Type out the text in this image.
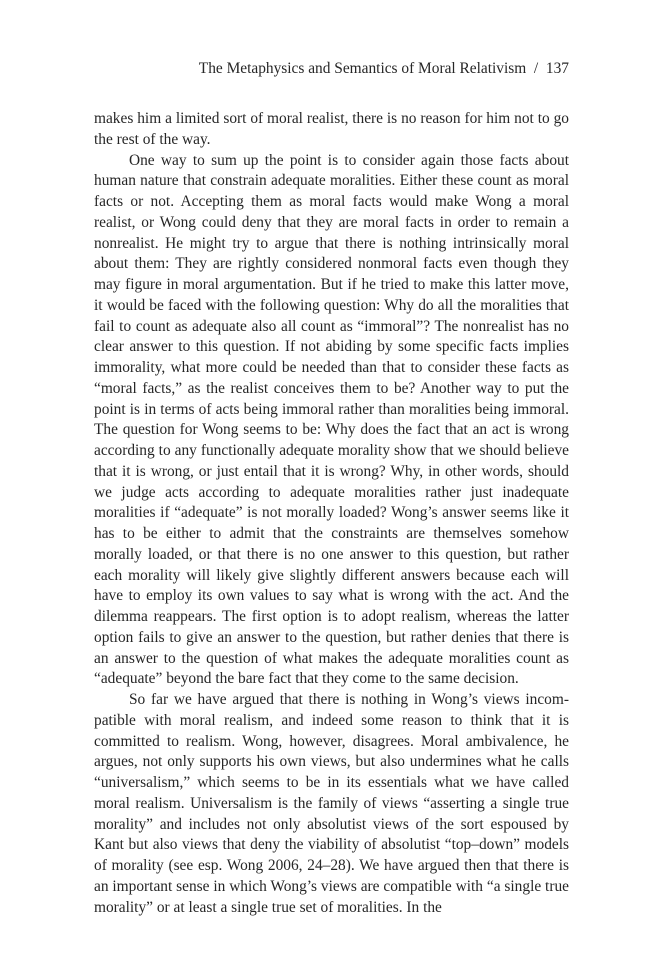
The Metaphysics and Semantics of Moral Relativism / 137

makes him a limited sort of moral realist, there is no reason for him not to go the rest of the way.

One way to sum up the point is to consider again those facts about human nature that constrain adequate moralities. Either these count as moral facts or not. Accepting them as moral facts would make Wong a moral realist, or Wong could deny that they are moral facts in order to remain a nonrealist. He might try to argue that there is nothing intrinsically moral about them: They are rightly considered nonmoral facts even though they may figure in moral argumentation. But if he tried to make this latter move, it would be faced with the following question: Why do all the moralities that fail to count as adequate also all count as “immoral”? The nonrealist has no clear answer to this question. If not abiding by some specific facts implies immorality, what more could be needed than that to consider these facts as “moral facts,” as the realist conceives them to be? Another way to put the point is in terms of acts being immoral rather than moralities being immoral. The question for Wong seems to be: Why does the fact that an act is wrong according to any functionally adequate morality show that we should believe that it is wrong, or just entail that it is wrong? Why, in other words, should we judge acts according to adequate moralities rather just inadequate moralities if “adequate” is not morally loaded? Wong’s answer seems like it has to be either to admit that the constraints are themselves somehow morally loaded, or that there is no one answer to this question, but rather each morality will likely give slightly different answers because each will have to employ its own values to say what is wrong with the act. And the dilemma reappears. The first option is to adopt realism, whereas the latter option fails to give an answer to the question, but rather denies that there is an answer to the question of what makes the adequate moralities count as “adequate” beyond the bare fact that they come to the same decision.

So far we have argued that there is nothing in Wong’s views incompatible with moral realism, and indeed some reason to think that it is committed to realism. Wong, however, disagrees. Moral ambivalence, he argues, not only supports his own views, but also undermines what he calls “universalism,” which seems to be in its essentials what we have called moral realism. Universalism is the family of views “asserting a single true morality” and includes not only absolutist views of the sort espoused by Kant but also views that deny the viability of absolutist “top–down” models of morality (see esp. Wong 2006, 24–28). We have argued then that there is an important sense in which Wong’s views are compatible with “a single true morality” or at least a single true set of moralities. In the
